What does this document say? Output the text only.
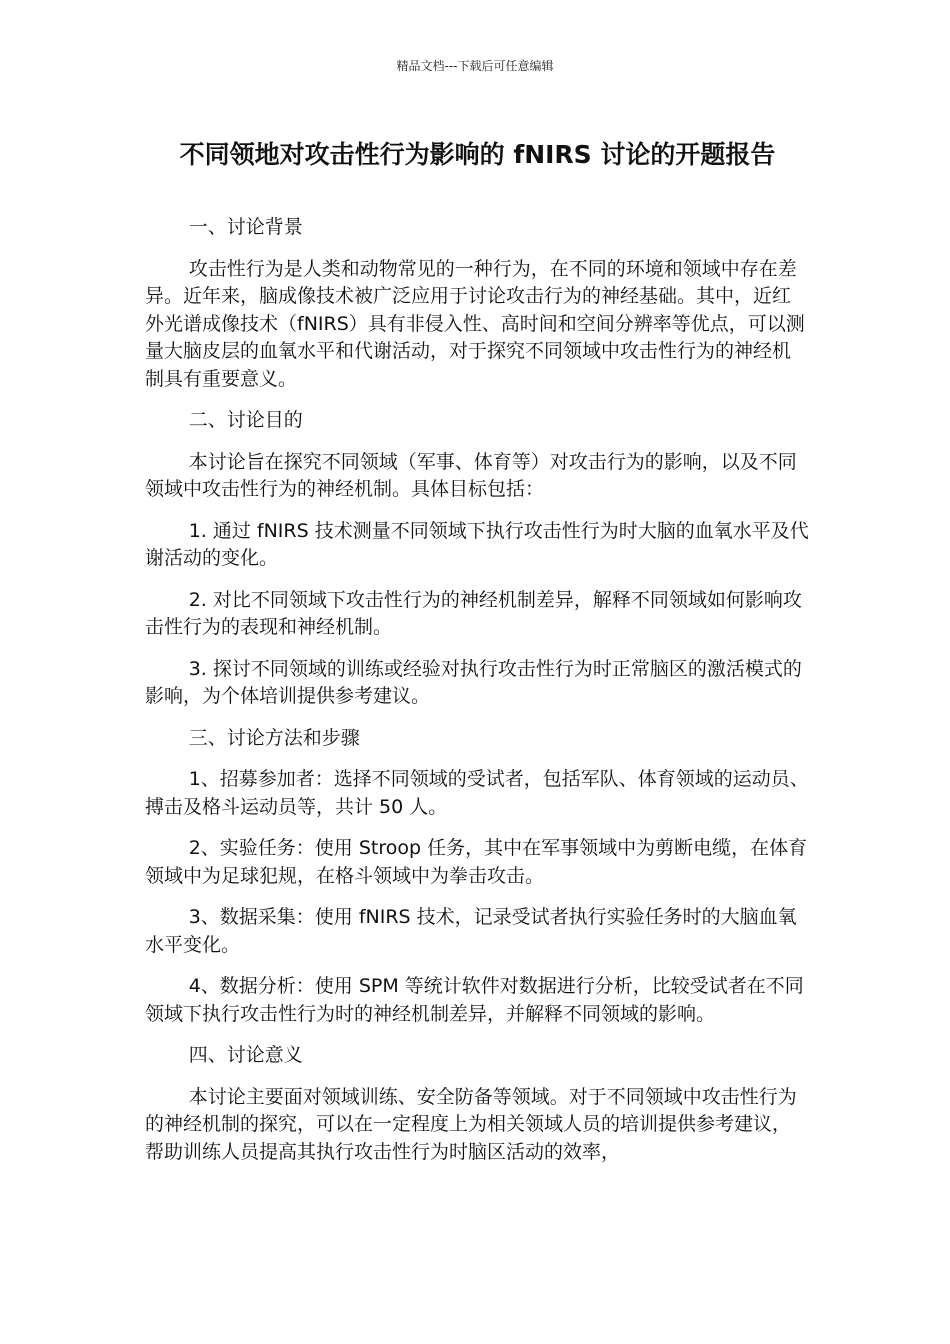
精品文档---下载后可任意编辑
不同领地对攻击性行为影响的 fNIRS 讨论的开题报告

一、讨论背景

攻击性行为是人类和动物常见的一种行为，在不同的环境和领域中存在差异。近年来，脑成像技术被广泛应用于讨论攻击行为的神经基础。其中，近红外光谱成像技术（fNIRS）具有非侵入性、高时间和空间分辨率等优点，可以测量大脑皮层的血氧水平和代谢活动，对于探究不同领域中攻击性行为的神经机制具有重要意义。

二、讨论目的

本讨论旨在探究不同领域（军事、体育等）对攻击行为的影响，以及不同领域中攻击性行为的神经机制。具体目标包括：

1. 通过 fNIRS 技术测量不同领域下执行攻击性行为时大脑的血氧水平及代谢活动的变化。

2. 对比不同领域下攻击性行为的神经机制差异，解释不同领域如何影响攻击性行为的表现和神经机制。

3. 探讨不同领域的训练或经验对执行攻击性行为时正常脑区的激活模式的影响，为个体培训提供参考建议。

三、讨论方法和步骤

1、招募参加者：选择不同领域的受试者，包括军队、体育领域的运动员、搏击及格斗运动员等，共计 50 人。

2、实验任务：使用 Stroop 任务，其中在军事领域中为剪断电缆，在体育领域中为足球犯规，在格斗领域中为拳击攻击。

3、数据采集：使用 fNIRS 技术，记录受试者执行实验任务时的大脑血氧水平变化。

4、数据分析：使用 SPM 等统计软件对数据进行分析，比较受试者在不同领域下执行攻击性行为时的神经机制差异，并解释不同领域的影响。

四、讨论意义

本讨论主要面对领域训练、安全防备等领域。对于不同领域中攻击性行为的神经机制的探究，可以在一定程度上为相关领域人员的培训提供参考建议，帮助训练人员提高其执行攻击性行为时脑区活动的效率，
